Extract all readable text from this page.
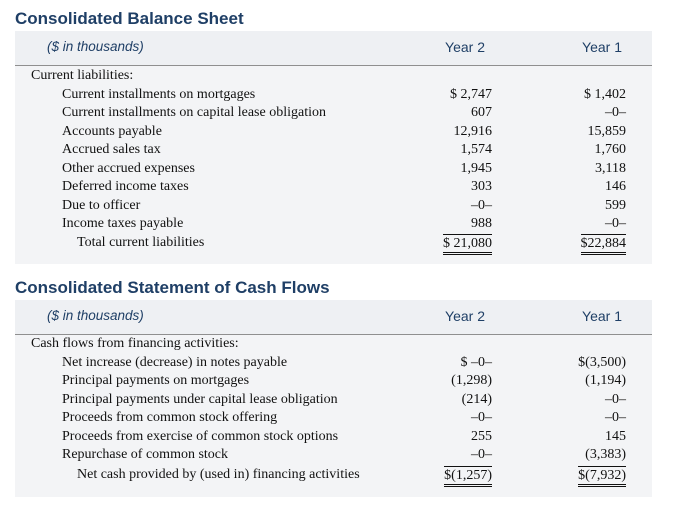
Consolidated Balance Sheet
($ in thousands)	Year 2	Year 1
Current liabilities:
Current installments on mortgages	$ 2,747	$ 1,402
Current installments on capital lease obligation	607	–0–
Accounts payable	12,916	15,859
Accrued sales tax	1,574	1,760
Other accrued expenses	1,945	3,118
Deferred income taxes	303	146
Due to officer	–0–	599
Income taxes payable	988	–0–
Total current liabilities	$ 21,080	$22,884
Consolidated Statement of Cash Flows
($ in thousands)	Year 2	Year 1
Cash flows from financing activities:
Net increase (decrease) in notes payable	$ –0–	$(3,500)
Principal payments on mortgages	(1,298)	(1,194)
Principal payments under capital lease obligation	(214)	–0–
Proceeds from common stock offering	–0–	–0–
Proceeds from exercise of common stock options	255	145
Repurchase of common stock	–0–	(3,383)
Net cash provided by (used in) financing activities	$(1,257)	$(7,932)
